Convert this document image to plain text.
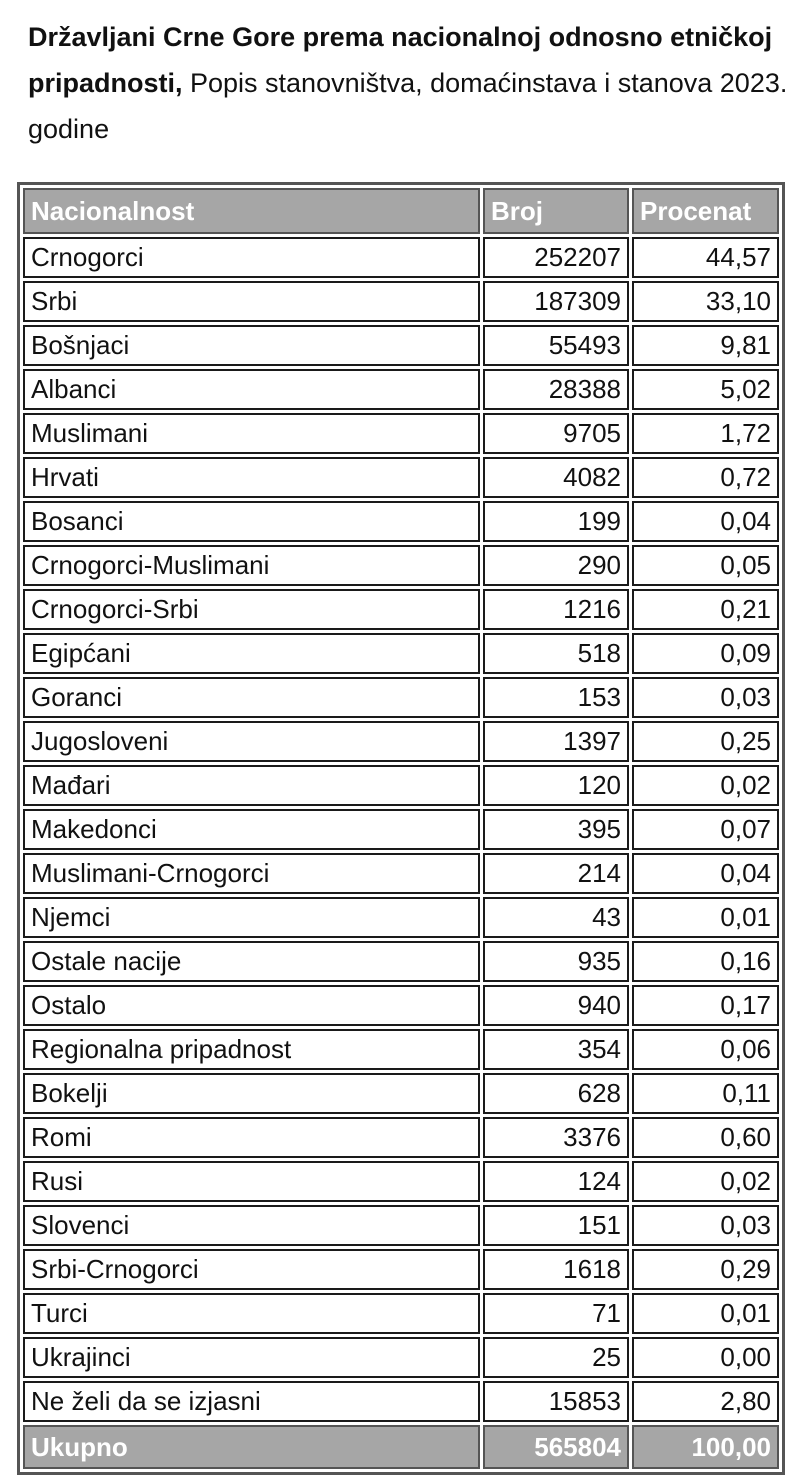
Državljani Crne Gore prema nacionalnoj odnosno etničkoj pripadnosti, Popis stanovništva, domaćinstava i stanova 2023. godine

Nacionalnost	Broj	Procenat
Crnogorci	252207	44,57
Srbi	187309	33,10
Bošnjaci	55493	9,81
Albanci	28388	5,02
Muslimani	9705	1,72
Hrvati	4082	0,72
Bosanci	199	0,04
Crnogorci-Muslimani	290	0,05
Crnogorci-Srbi	1216	0,21
Egipćani	518	0,09
Goranci	153	0,03
Jugosloveni	1397	0,25
Mađari	120	0,02
Makedonci	395	0,07
Muslimani-Crnogorci	214	0,04
Njemci	43	0,01
Ostale nacije	935	0,16
Ostalo	940	0,17
Regionalna pripadnost	354	0,06
Bokelji	628	0,11
Romi	3376	0,60
Rusi	124	0,02
Slovenci	151	0,03
Srbi-Crnogorci	1618	0,29
Turci	71	0,01
Ukrajinci	25	0,00
Ne želi da se izjasni	15853	2,80
Ukupno	565804	100,00
